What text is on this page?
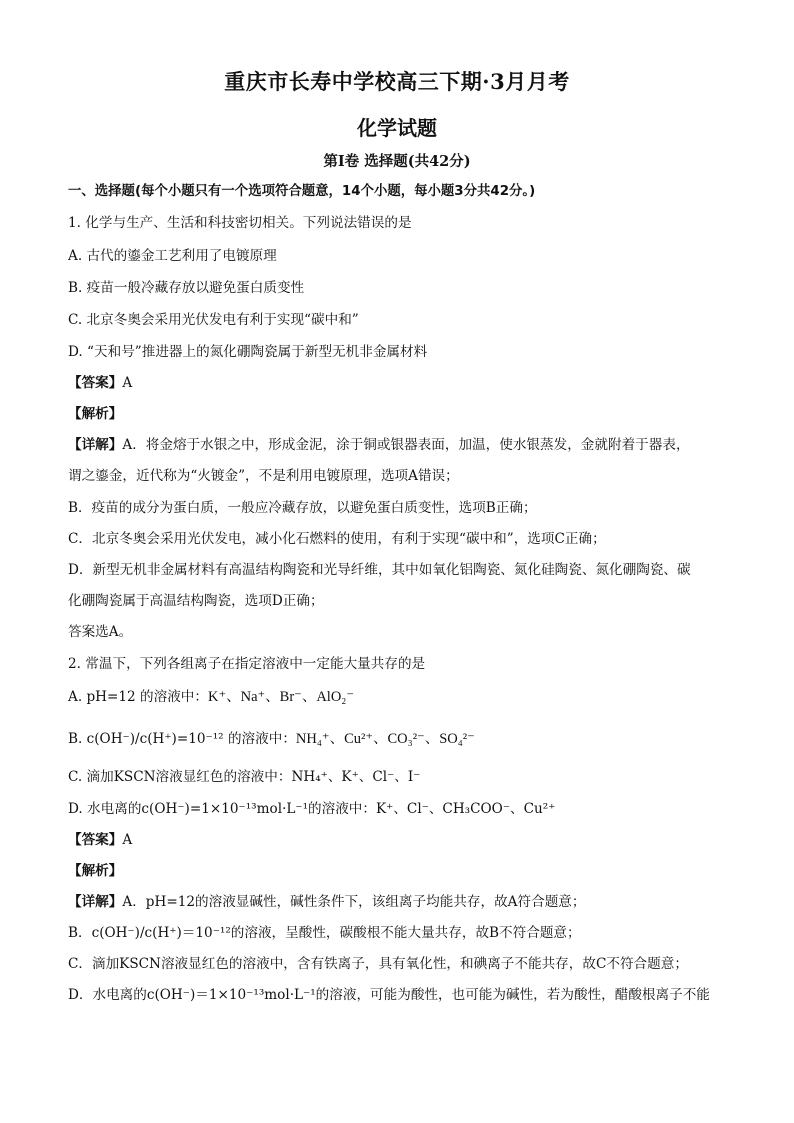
重庆市长寿中学校高三下期·3月月考
化学试题
第Ⅰ卷 选择题(共42分)
一、选择题(每个小题只有一个选项符合题意，14个小题，每小题3分共42分。)
1. 化学与生产、生活和科技密切相关。下列说法错误的是
A. 古代的鎏金工艺利用了电镀原理
B. 疫苗一般冷藏存放以避免蛋白质变性
C. 北京冬奥会采用光伏发电有利于实现“碳中和”
D. “天和号”推进器上的氮化硼陶瓷属于新型无机非金属材料
【答案】A
【解析】
【详解】A．将金熔于水银之中，形成金泥，涂于铜或银器表面，加温，使水银蒸发，金就附着于器表，
谓之鎏金，近代称为“火镀金”，不是利用电镀原理，选项A错误；
B．疫苗的成分为蛋白质，一般应冷藏存放，以避免蛋白质变性，选项B正确；
C．北京冬奥会采用光伏发电，减小化石燃料的使用，有利于实现“碳中和”，选项C正确；
D．新型无机非金属材料有高温结构陶瓷和光导纤维，其中如氧化铝陶瓷、氮化硅陶瓷、氮化硼陶瓷、碳
化硼陶瓷属于高温结构陶瓷，选项D正确；
答案选A。
2. 常温下，下列各组离子在指定溶液中一定能大量共存的是
A. pH=12 的溶液中：K⁺、Na⁺、Br⁻、AlO₂⁻
B. c(OH⁻)/c(H⁺)=10⁻¹² 的溶液中：NH₄⁺、Cu²⁺、CO₃²⁻、SO₄²⁻
C. 滴加KSCN溶液显红色的溶液中：NH₄⁺、K⁺、Cl⁻、I⁻
D. 水电离的c(OH⁻)=1×10⁻¹³mol·L⁻¹的溶液中：K⁺、Cl⁻、CH₃COO⁻、Cu²⁺
【答案】A
【解析】
【详解】A．pH=12的溶液显碱性，碱性条件下，该组离子均能共存，故A符合题意；
B．c(OH⁻)/c(H⁺)＝10⁻¹²的溶液，呈酸性，碳酸根不能大量共存，故B不符合题意；
C．滴加KSCN溶液显红色的溶液中，含有铁离子，具有氧化性，和碘离子不能共存，故C不符合题意；
D．水电离的c(OH⁻)＝1×10⁻¹³mol·L⁻¹的溶液，可能为酸性，也可能为碱性，若为酸性，醋酸根离子不能
